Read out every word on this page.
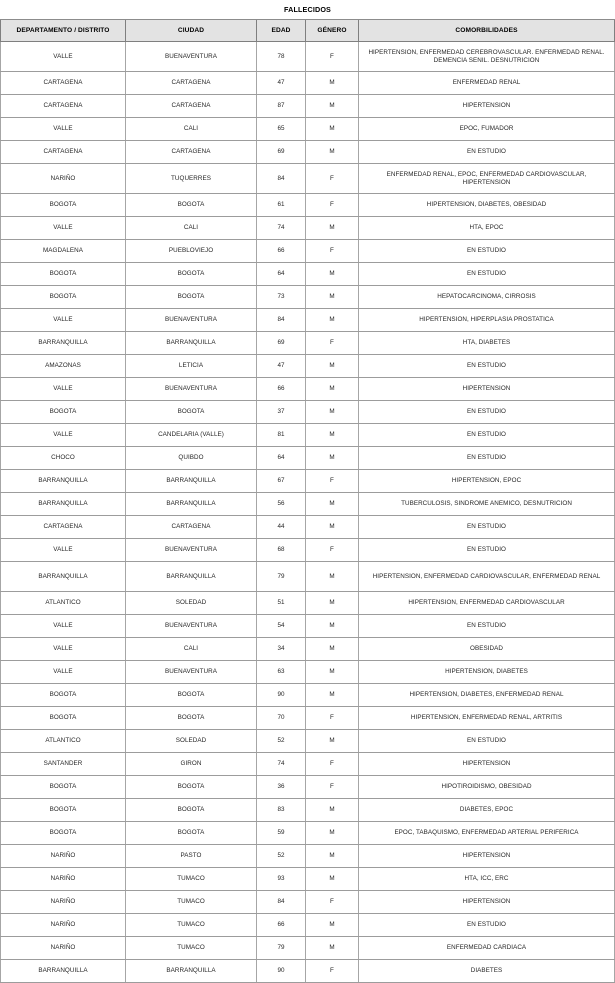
FALLECIDOS				
DEPARTAMENTO / DISTRITO	CIUDAD	EDAD	GÉNERO	COMORBILIDADES
VALLE	BUENAVENTURA	78	F	HIPERTENSION, ENFERMEDAD CEREBROVASCULAR. ENFERMEDAD RENAL. DEMENCIA SENIL. DESNUTRICION
CARTAGENA	CARTAGENA	47	M	ENFERMEDAD RENAL
CARTAGENA	CARTAGENA	87	M	HIPERTENSION
VALLE	CALI	65	M	EPOC, FUMADOR
CARTAGENA	CARTAGENA	69	M	EN ESTUDIO
NARIÑO	TUQUERRES	84	F	ENFERMEDAD RENAL, EPOC, ENFERMEDAD CARDIOVASCULAR, HIPERTENSION
BOGOTA	BOGOTA	61	F	HIPERTENSION, DIABETES, OBESIDAD
VALLE	CALI	74	M	HTA, EPOC
MAGDALENA	PUEBLOVIEJO	66	F	EN ESTUDIO
BOGOTA	BOGOTA	64	M	EN ESTUDIO
BOGOTA	BOGOTA	73	M	HEPATOCARCINOMA, CIRROSIS
VALLE	BUENAVENTURA	84	M	HIPERTENSION, HIPERPLASIA PROSTATICA
BARRANQUILLA	BARRANQUILLA	69	F	HTA, DIABETES
AMAZONAS	LETICIA	47	M	EN ESTUDIO
VALLE	BUENAVENTURA	66	M	HIPERTENSION
BOGOTA	BOGOTA	37	M	EN ESTUDIO
VALLE	CANDELARIA (VALLE)	81	M	EN ESTUDIO
CHOCO	QUIBDO	64	M	EN ESTUDIO
BARRANQUILLA	BARRANQUILLA	67	F	HIPERTENSION, EPOC
BARRANQUILLA	BARRANQUILLA	56	M	TUBERCULOSIS, SINDROME ANEMICO, DESNUTRICION
CARTAGENA	CARTAGENA	44	M	EN ESTUDIO
VALLE	BUENAVENTURA	68	F	EN ESTUDIO
BARRANQUILLA	BARRANQUILLA	79	M	HIPERTENSION, ENFERMEDAD CARDIOVASCULAR, ENFERMEDAD RENAL
ATLANTICO	SOLEDAD	51	M	HIPERTENSION, ENFERMEDAD CARDIOVASCULAR
VALLE	BUENAVENTURA	54	M	EN ESTUDIO
VALLE	CALI	34	M	OBESIDAD
VALLE	BUENAVENTURA	63	M	HIPERTENSION, DIABETES
BOGOTA	BOGOTA	90	M	HIPERTENSION, DIABETES, ENFERMEDAD RENAL
BOGOTA	BOGOTA	70	F	HIPERTENSION, ENFERMEDAD RENAL, ARTRITIS
ATLANTICO	SOLEDAD	52	M	EN ESTUDIO
SANTANDER	GIRON	74	F	HIPERTENSION
BOGOTA	BOGOTA	36	F	HIPOTIROIDISMO, OBESIDAD
BOGOTA	BOGOTA	83	M	DIABETES, EPOC
BOGOTA	BOGOTA	59	M	EPOC, TABAQUISMO, ENFERMEDAD ARTERIAL PERIFERICA
NARIÑO	PASTO	52	M	HIPERTENSION
NARIÑO	TUMACO	93	M	HTA, ICC, ERC
NARIÑO	TUMACO	84	F	HIPERTENSION
NARIÑO	TUMACO	66	M	EN ESTUDIO
NARIÑO	TUMACO	79	M	ENFERMEDAD CARDIACA
BARRANQUILLA	BARRANQUILLA	90	F	DIABETES
